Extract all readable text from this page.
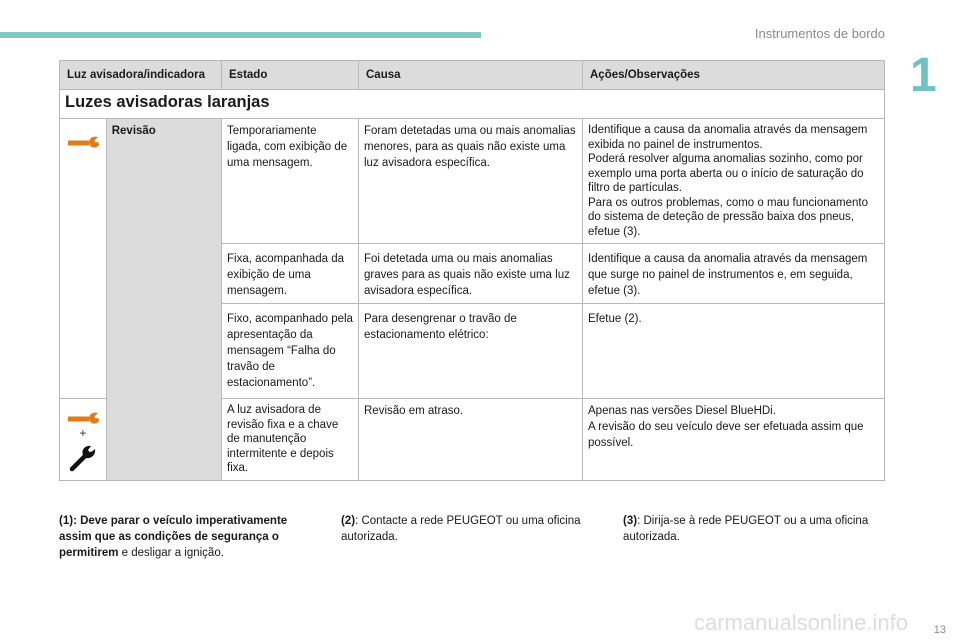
Instrumentos de bordo
1
Luz avisadora/indicadora		Estado	Causa	Ações/Observações
Luzes avisadoras laranjas				

	Revisão	Temporariamente ligada, com exibição de uma mensagem.	Foram detetadas uma ou mais anomalias menores, para as quais não existe uma luz avisadora específica.	Identifique a causa da anomalia através da mensagem exibida no painel de instrumentos.
Poderá resolver alguma anomalias sozinho, como por exemplo uma porta aberta ou o início de saturação do filtro de partículas.
Para os outros problemas, como o mau funcionamento do sistema de deteção de pressão baixa dos pneus, efetue (3).

		Fixa, acompanhada da exibição de uma mensagem.	Foi detetada uma ou mais anomalias graves para as quais não existe uma luz avisadora específica.	Identifique a causa da anomalia através da mensagem que surge no painel de instrumentos e, em seguida, efetue (3).

		Fixo, acompanhado pela apresentação da mensagem “Falha do travão de estacionamento”.	Para desengrenar o travão de estacionamento elétrico:	Efetue (2).

+		A luz avisadora de revisão fixa e a chave de manutenção intermitente e depois fixa.	Revisão em atraso.	Apenas nas versões Diesel BlueHDi.
A revisão do seu veículo deve ser efetuada assim que possível.
(1): Deve parar o veículo imperativamente assim que as condições de segurança o permitirem e desligar a ignição.
(2): Contacte a rede PEUGEOT ou uma oficina autorizada.
(3): Dirija-se à rede PEUGEOT ou a uma oficina autorizada.
carmanualsonline.info 13
